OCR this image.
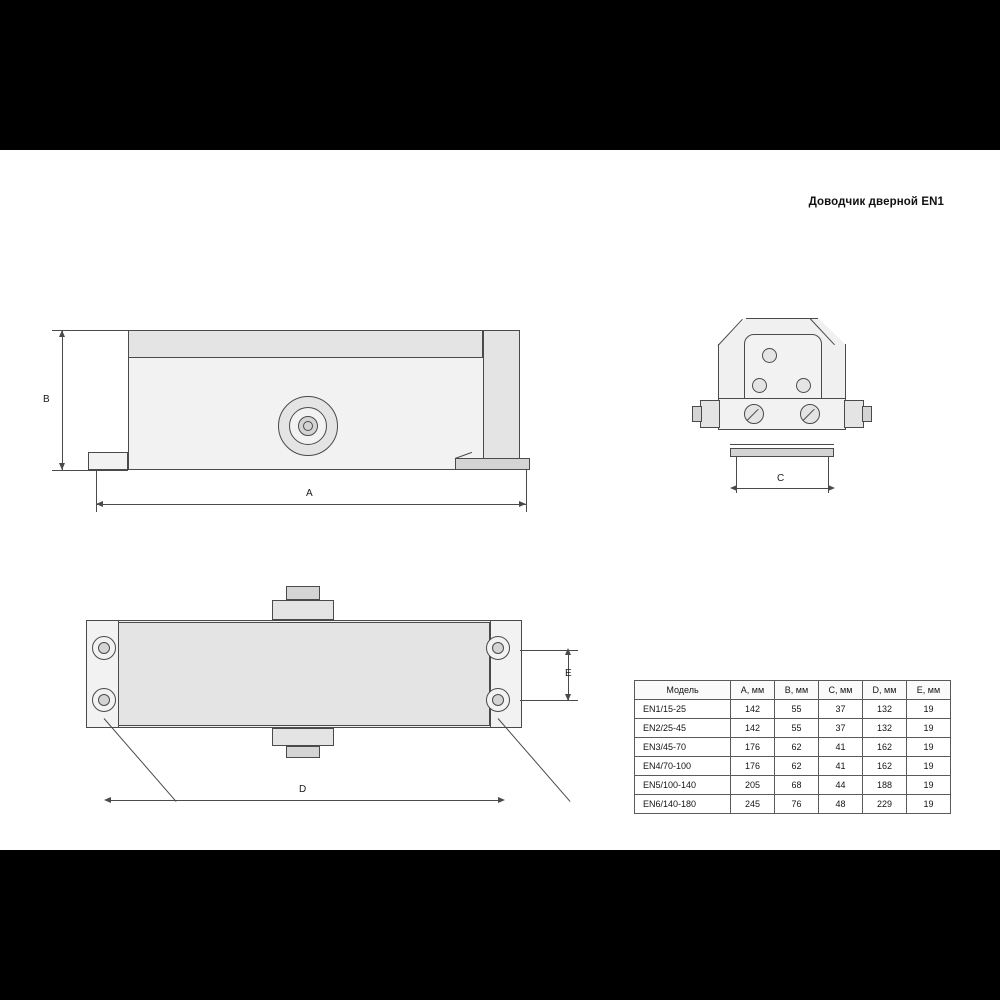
Доводчик дверной EN1
B
A
C
D
E
Модель	A, мм	B, мм	C, мм	D, мм	E, мм
EN1/15-25	142	55	37	132	19
EN2/25-45	142	55	37	132	19
EN3/45-70	176	62	41	162	19
EN4/70-100	176	62	41	162	19
EN5/100-140	205	68	44	188	19
EN6/140-180	245	76	48	229	19
